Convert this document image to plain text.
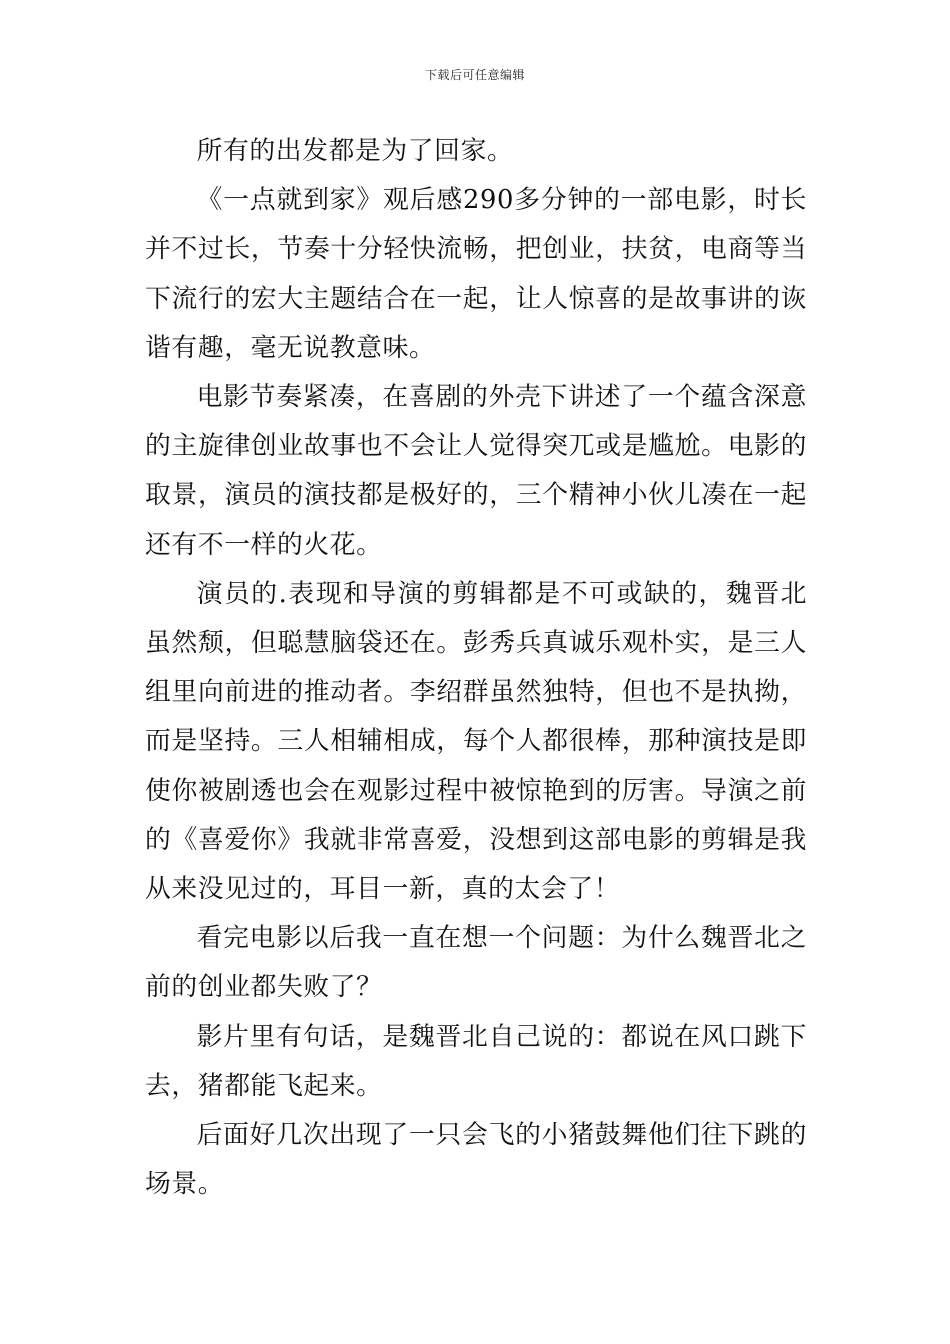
下载后可任意编辑

所有的出发都是为了回家。

《一点就到家》观后感290多分钟的一部电影，时长并不过长，节奏十分轻快流畅，把创业，扶贫，电商等当下流行的宏大主题结合在一起，让人惊喜的是故事讲的诙谐有趣，毫无说教意味。

电影节奏紧凑，在喜剧的外壳下讲述了一个蕴含深意的主旋律创业故事也不会让人觉得突兀或是尴尬。电影的取景，演员的演技都是极好的，三个精神小伙儿凑在一起还有不一样的火花。

演员的.表现和导演的剪辑都是不可或缺的，魏晋北虽然颓，但聪慧脑袋还在。彭秀兵真诚乐观朴实，是三人组里向前进的推动者。李绍群虽然独特，但也不是执拗，而是坚持。三人相辅相成，每个人都很棒，那种演技是即使你被剧透也会在观影过程中被惊艳到的厉害。导演之前的《喜爱你》我就非常喜爱，没想到这部电影的剪辑是我从来没见过的，耳目一新，真的太会了！

看完电影以后我一直在想一个问题：为什么魏晋北之前的创业都失败了？

影片里有句话，是魏晋北自己说的：都说在风口跳下去，猪都能飞起来。

后面好几次出现了一只会飞的小猪鼓舞他们往下跳的场景。
